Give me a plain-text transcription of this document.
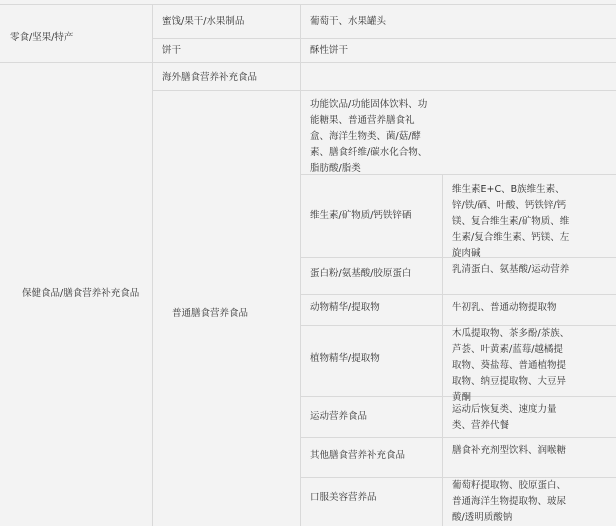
零食/坚果/特产
保健食品/膳食营养补充食品
蜜饯/果干/水果制品
饼干
海外膳食营养补充食品
普通膳食营养食品
葡萄干、水果罐头
酥性饼干
功能饮品/功能固体饮料、功能糖果、普通营养膳食礼盒、海洋生物类、菌/菇/酵素、膳食纤维/碳水化合物、脂肪酸/脂类
维生素/矿物质/钙铁锌硒
蛋白粉/氨基酸/胶原蛋白
动物精华/提取物
植物精华/提取物
运动营养食品
其他膳食营养补充食品
口服美容营养品
维生素E+C、B族维生素、锌/铁/硒、叶酸、钙铁锌/钙镁、复合维生素/矿物质、维生素/复合维生素、钙镁、左旋肉碱
乳清蛋白、氨基酸/运动营养
牛初乳、普通动物提取物
木瓜提取物、茶多酚/茶族、芦荟、叶黄素/蓝莓/越橘提取物、葵盐莓、普通植物提取物、纳豆提取物、大豆异黄酮
运动后恢复类、速度力量类、营养代餐
膳食补充剂型饮料、润喉糖
葡萄籽提取物、胶原蛋白、普通海洋生物提取物、玻尿酸/透明质酸钠
